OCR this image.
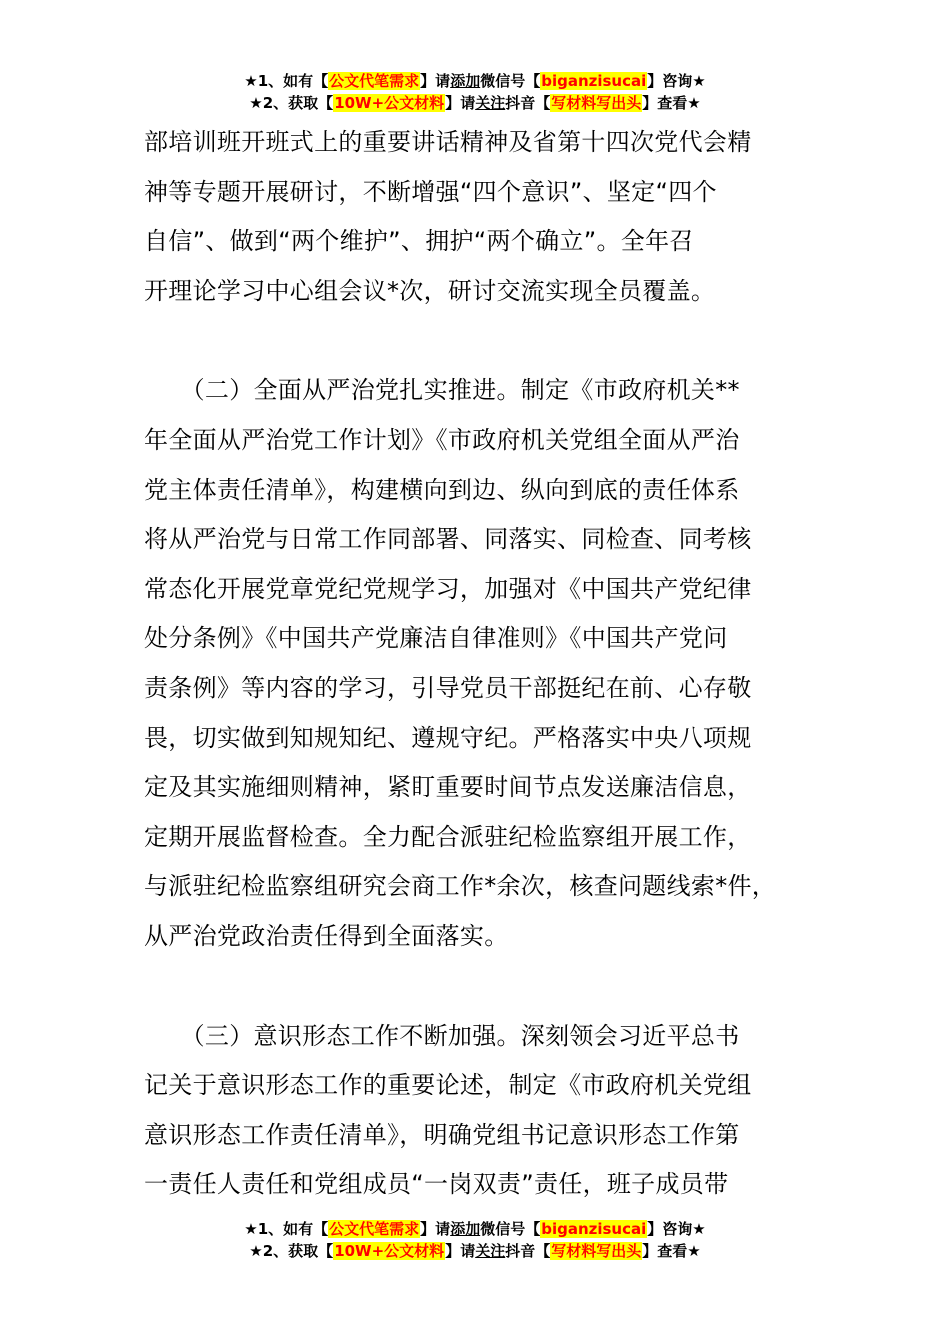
★1、如有【公文代笔需求】请添加微信号【biganzisucai】咨询★
★2、获取【10W+公文材料】请关注抖音【写材料写出头】查看★

部培训班开班式上的重要讲话精神及省第十四次党代会精

神等专题开展研讨，不断增强“四个意识”、坚定“四个

自信”、做到“两个维护”、拥护“两个确立”。全年召

开理论学习中心组会议*次，研讨交流实现全员覆盖。

　　（二）全面从严治党扎实推进。制定《市政府机关**

年全面从严治党工作计划》《市政府机关党组全面从严治

党主体责任清单》，构建横向到边、纵向到底的责任体系

将从严治党与日常工作同部署、同落实、同检查、同考核

常态化开展党章党纪党规学习，加强对《中国共产党纪律

处分条例》《中国共产党廉洁自律准则》《中国共产党问

责条例》等内容的学习，引导党员干部挺纪在前、心存敬

畏，切实做到知规知纪、遵规守纪。严格落实中央八项规

定及其实施细则精神，紧盯重要时间节点发送廉洁信息，

定期开展监督检查。全力配合派驻纪检监察组开展工作，

与派驻纪检监察组研究会商工作*余次，核查问题线索*件，

从严治党政治责任得到全面落实。

　　（三）意识形态工作不断加强。深刻领会习近平总书

记关于意识形态工作的重要论述，制定《市政府机关党组

意识形态工作责任清单》，明确党组书记意识形态工作第

一责任人责任和党组成员“一岗双责”责任，班子成员带

★1、如有【公文代笔需求】请添加微信号【biganzisucai】咨询★
★2、获取【10W+公文材料】请关注抖音【写材料写出头】查看★
